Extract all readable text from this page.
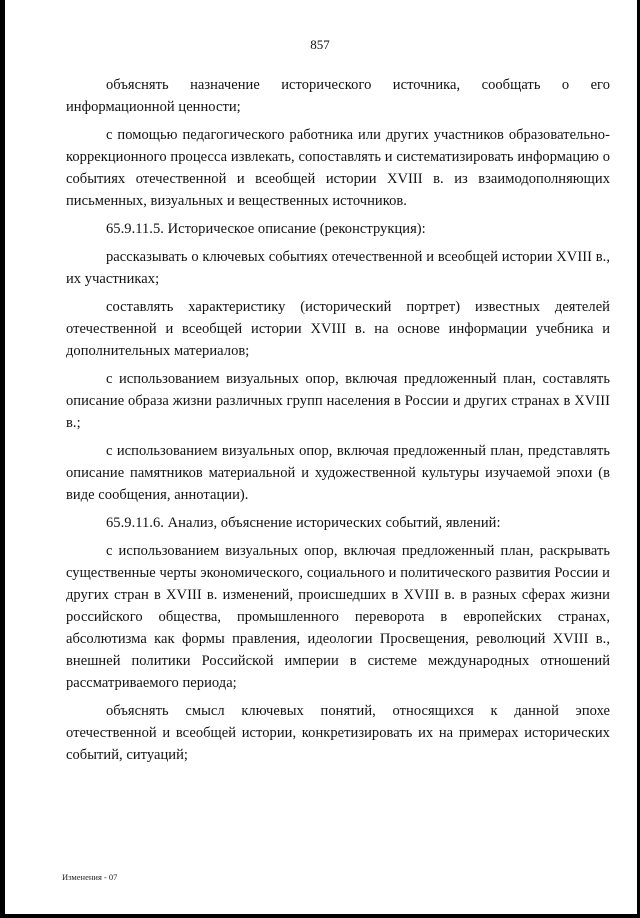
857

объяснять назначение исторического источника, сообщать о его информационной ценности;

с помощью педагогического работника или других участников образовательно-коррекционного процесса извлекать, сопоставлять и систематизировать информацию о событиях отечественной и всеобщей истории XVIII в. из взаимодополняющих письменных, визуальных и вещественных источников.

65.9.11.5. Историческое описание (реконструкция):

рассказывать о ключевых событиях отечественной и всеобщей истории XVIII в., их участниках;

составлять характеристику (исторический портрет) известных деятелей отечественной и всеобщей истории XVIII в. на основе информации учебника и дополнительных материалов;

с использованием визуальных опор, включая предложенный план, составлять описание образа жизни различных групп населения в России и других странах в XVIII в.;

с использованием визуальных опор, включая предложенный план, представлять описание памятников материальной и художественной культуры изучаемой эпохи (в виде сообщения, аннотации).

65.9.11.6. Анализ, объяснение исторических событий, явлений:

с использованием визуальных опор, включая предложенный план, раскрывать существенные черты экономического, социального и политического развития России и других стран в XVIII в. изменений, происшедших в XVIII в. в разных сферах жизни российского общества, промышленного переворота в европейских странах, абсолютизма как формы правления, идеологии Просвещения, революций XVIII в., внешней политики Российской империи в системе международных отношений рассматриваемого периода;

объяснять смысл ключевых понятий, относящихся к данной эпохе отечественной и всеобщей истории, конкретизировать их на примерах исторических событий, ситуаций;

Изменения - 07
